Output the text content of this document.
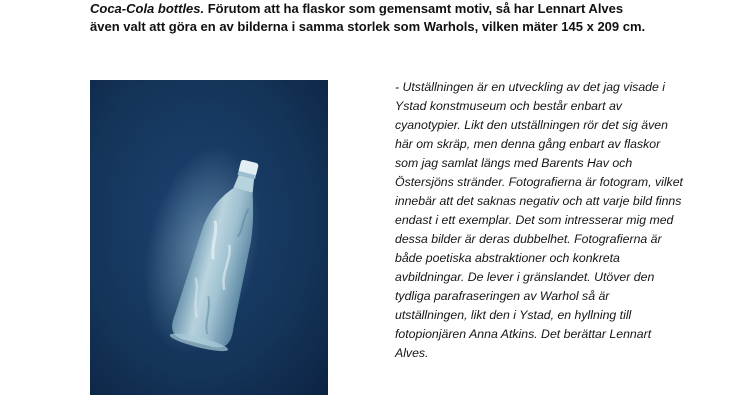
Coca-Cola bottles. Förutom att ha flaskor som gemensamt motiv, så har Lennart Alves även valt att göra en av bilderna i samma storlek som Warhols, vilken mäter 145 x 209 cm.

- Utställningen är en utveckling av det jag visade i Ystad konstmuseum och består enbart av cyanotypier. Likt den utställningen rör det sig även här om skräp, men denna gång enbart av flaskor som jag samlat längs med Barents Hav och Östersjöns stränder. Fotografierna är fotogram, vilket innebär att det saknas negativ och att varje bild finns endast i ett exemplar. Det som intresserar mig med dessa bilder är deras dubbelhet. Fotografierna är både poetiska abstraktioner och konkreta avbildningar. De lever i gränslandet. Utöver den tydliga parafraseringen av Warhol så är utställningen, likt den i Ystad, en hyllning till fotopionjären Anna Atkins. Det berättar Lennart Alves.
